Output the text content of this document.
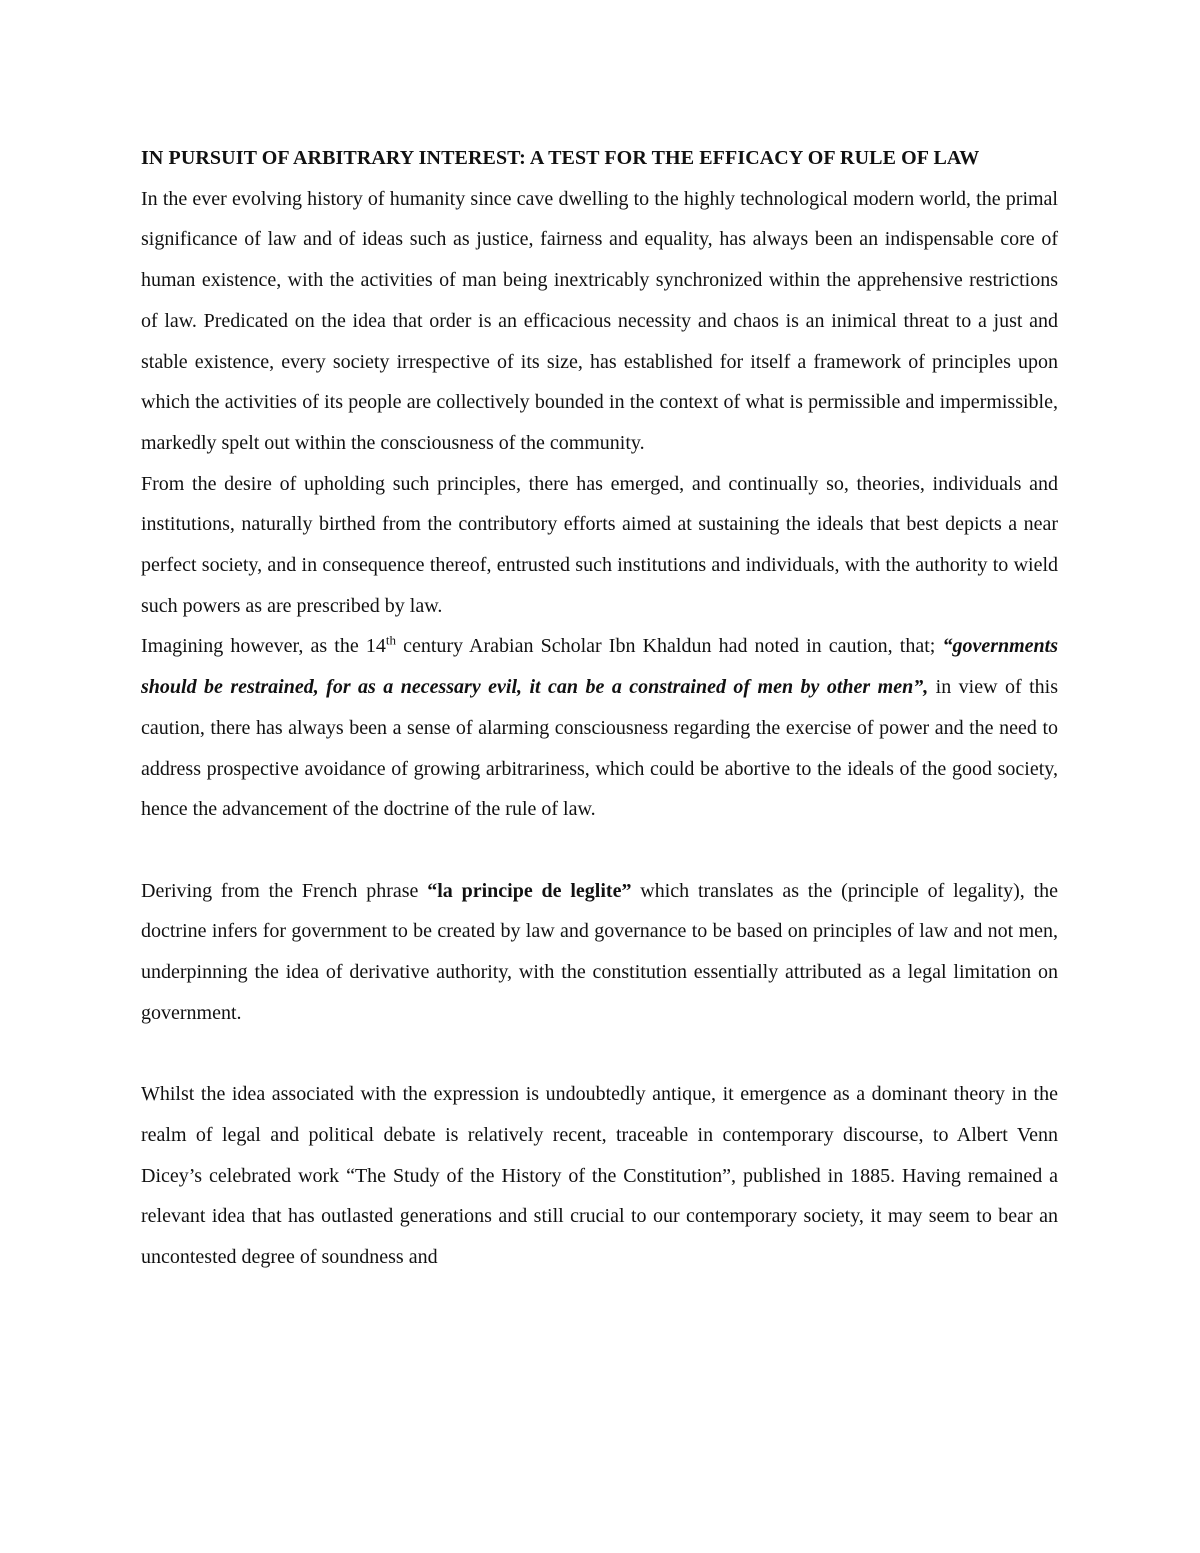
IN PURSUIT OF ARBITRARY INTEREST: A TEST FOR THE EFFICACY OF RULE OF LAW

In the ever evolving history of humanity since cave dwelling to the highly technological modern world, the primal significance of law and of ideas such as justice, fairness and equality, has always been an indispensable core of human existence, with the activities of man being inextricably synchronized within the apprehensive restrictions of law. Predicated on the idea that order is an efficacious necessity and chaos is an inimical threat to a just and stable existence, every society irrespective of its size, has established for itself a framework of principles upon which the activities of its people are collectively bounded in the context of what is permissible and impermissible, markedly spelt out within the consciousness of the community.

From the desire of upholding such principles, there has emerged, and continually so, theories, individuals and institutions, naturally birthed from the contributory efforts aimed at sustaining the ideals that best depicts a near perfect society, and in consequence thereof, entrusted such institutions and individuals, with the authority to wield such powers as are prescribed by law.

Imagining however, as the 14th century Arabian Scholar Ibn Khaldun had noted in caution, that; “governments should be restrained, for as a necessary evil, it can be a constrained of men by other men”, in view of this caution, there has always been a sense of alarming consciousness regarding the exercise of power and the need to address prospective avoidance of growing arbitrariness, which could be abortive to the ideals of the good society, hence the advancement of the doctrine of the rule of law.

Deriving from the French phrase “la principe de leglite” which translates as the (principle of legality), the doctrine infers for government to be created by law and governance to be based on principles of law and not men, underpinning the idea of derivative authority, with the constitution essentially attributed as a legal limitation on government.

Whilst the idea associated with the expression is undoubtedly antique, it emergence as a dominant theory in the realm of legal and political debate is relatively recent, traceable in contemporary discourse, to Albert Venn Dicey’s celebrated work “The Study of the History of the Constitution”, published in 1885. Having remained a relevant idea that has outlasted generations and still crucial to our contemporary society, it may seem to bear an uncontested degree of soundness and
